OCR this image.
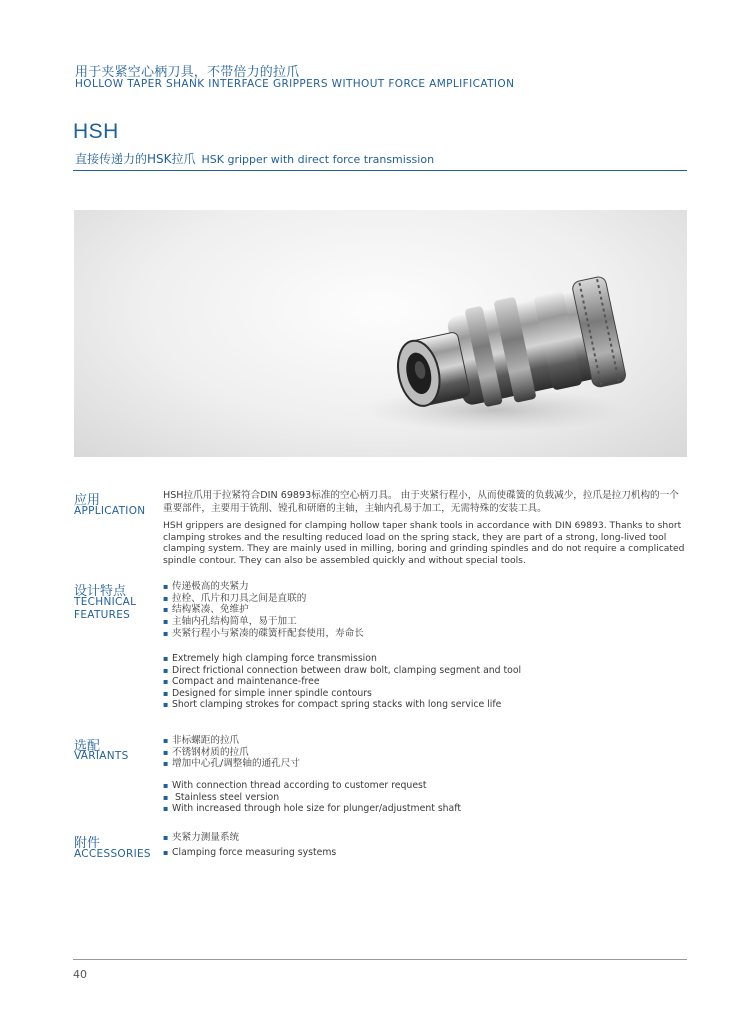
用于夹紧空心柄刀具，不带倍力的拉爪
HOLLOW TAPER SHANK INTERFACE GRIPPERS WITHOUT FORCE AMPLIFICATION
HSH
直接传递力的HSK拉爪 HSK gripper with direct force transmission
应用
APPLICATION
HSH拉爪用于拉紧符合DIN 69893标准的空心柄刀具。 由于夹紧行程小，从而使碟簧的负载减少，拉爪是拉刀机构的一个重要部件，主要用于铣削、镗孔和研磨的主轴，主轴内孔易于加工，无需特殊的安装工具。
HSH grippers are designed for clamping hollow taper shank tools in accordance with DIN 69893. Thanks to short clamping strokes and the resulting reduced load on the spring stack, they are part of a strong, long-lived tool clamping system. They are mainly used in milling, boring and grinding spindles and do not require a complicated spindle contour. They can also be assembled quickly and without special tools.
设计特点
TECHNICAL
FEATURES
▪ 传递极高的夹紧力
▪ 拉栓、爪片和刀具之间是直联的
▪ 结构紧凑、免维护
▪ 主轴内孔结构简单，易于加工
▪ 夹紧行程小与紧凑的碟簧杆配套使用，寿命长
▪ Extremely high clamping force transmission
▪ Direct frictional connection between draw bolt, clamping segment and tool
▪ Compact and maintenance-free
▪ Designed for simple inner spindle contours
▪ Short clamping strokes for compact spring stacks with long service life
选配
VARIANTS
▪ 非标螺距的拉爪
▪ 不锈钢材质的拉爪
▪ 增加中心孔/调整轴的通孔尺寸
▪ With connection thread according to customer request
▪  Stainless steel version
▪ With increased through hole size for plunger/adjustment shaft
附件
ACCESSORIES
▪ 夹紧力测量系统
▪ Clamping force measuring systems
40
